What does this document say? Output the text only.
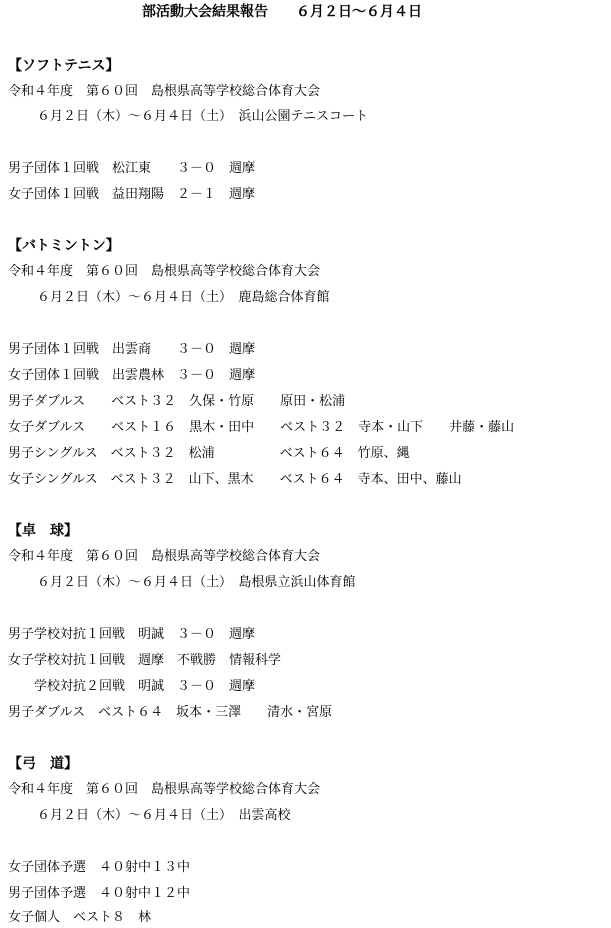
部活動大会結果報告　　６月２日～６月４日
【ソフトテニス】
令和４年度　第６０回　島根県高等学校総合体育大会
６月２日（木）～６月４日（土）　浜山公園テニスコート
男子団体１回戦　松江東　　３－０　週摩
女子団体１回戦　益田翔陽　２－１　週摩
【バトミントン】
令和４年度　第６０回　島根県高等学校総合体育大会
６月２日（木）～６月４日（土）　鹿島総合体育館
男子団体１回戦　出雲商　　３－０　週摩
女子団体１回戦　出雲農林　３－０　週摩
男子ダブルス　　ベスト３２　久保・竹原　　原田・松浦
女子ダブルス　　ベスト１６　黒木・田中　　ベスト３２　寺本・山下　　井藤・藤山
男子シングルス　ベスト３２　松浦　　　　　ベスト６４　竹原、縄
女子シングルス　ベスト３２　山下、黒木　　ベスト６４　寺本、田中、藤山
【卓　球】
令和４年度　第６０回　島根県高等学校総合体育大会
６月２日（木）～６月４日（土）　島根県立浜山体育館
男子学校対抗１回戦　明誠　３－０　週摩
女子学校対抗１回戦　週摩　不戦勝　情報科学
　　学校対抗２回戦　明誠　３－０　週摩
男子ダブルス　ベスト６４　坂本・三澤　　清水・宮原
【弓　道】
令和４年度　第６０回　島根県高等学校総合体育大会
６月２日（木）～６月４日（土）　出雲高校
女子団体予選　４０射中１３中
男子団体予選　４０射中１２中
女子個人　ベスト８　林
